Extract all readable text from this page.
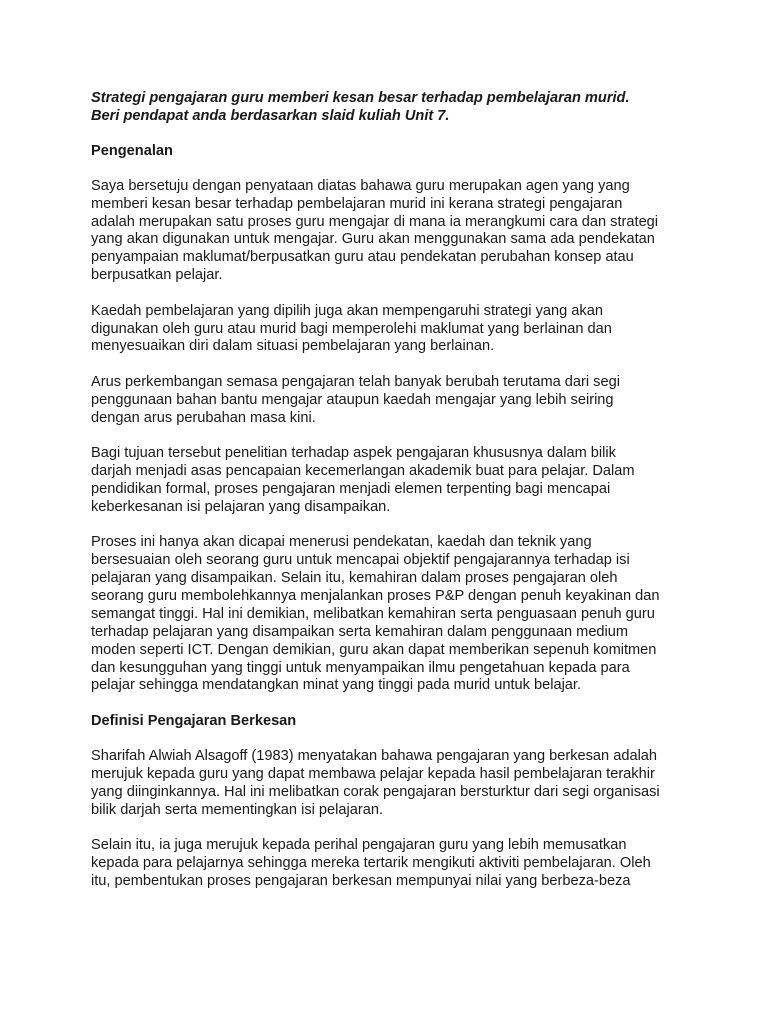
Strategi pengajaran guru memberi kesan besar terhadap pembelajaran murid.
Beri pendapat anda berdasarkan slaid kuliah Unit 7.
Pengenalan
Saya bersetuju dengan penyataan diatas bahawa guru merupakan agen yang yang
memberi kesan besar terhadap pembelajaran murid ini kerana strategi pengajaran
adalah merupakan satu proses guru mengajar di mana ia merangkumi cara dan strategi
yang akan digunakan untuk mengajar. Guru akan menggunakan sama ada pendekatan
penyampaian maklumat/berpusatkan guru atau pendekatan perubahan konsep atau
berpusatkan pelajar.
Kaedah pembelajaran yang dipilih juga akan mempengaruhi strategi yang akan
digunakan oleh guru atau murid bagi memperolehi maklumat yang berlainan dan
menyesuaikan diri dalam situasi pembelajaran yang berlainan.
Arus perkembangan semasa pengajaran telah banyak berubah terutama dari segi
penggunaan bahan bantu mengajar ataupun kaedah mengajar yang lebih seiring
dengan arus perubahan masa kini.
Bagi tujuan tersebut penelitian terhadap aspek pengajaran khususnya dalam bilik
darjah menjadi asas pencapaian kecemerlangan akademik buat para pelajar. Dalam
pendidikan formal, proses pengajaran menjadi elemen terpenting bagi mencapai
keberkesanan isi pelajaran yang disampaikan.
Proses ini hanya akan dicapai menerusi pendekatan, kaedah dan teknik yang
bersesuaian oleh seorang guru untuk mencapai objektif pengajarannya terhadap isi
pelajaran yang disampaikan. Selain itu, kemahiran dalam proses pengajaran oleh
seorang guru membolehkannya menjalankan proses P&P dengan penuh keyakinan dan
semangat tinggi. Hal ini demikian, melibatkan kemahiran serta penguasaan penuh guru
terhadap pelajaran yang disampaikan serta kemahiran dalam penggunaan medium
moden seperti ICT. Dengan demikian, guru akan dapat memberikan sepenuh komitmen
dan kesungguhan yang tinggi untuk menyampaikan ilmu pengetahuan kepada para
pelajar sehingga mendatangkan minat yang tinggi pada murid untuk belajar.
Definisi Pengajaran Berkesan
Sharifah Alwiah Alsagoff (1983) menyatakan bahawa pengajaran yang berkesan adalah
merujuk kepada guru yang dapat membawa pelajar kepada hasil pembelajaran terakhir
yang diinginkannya. Hal ini melibatkan corak pengajaran bersturktur dari segi organisasi
bilik darjah serta mementingkan isi pelajaran.
Selain itu, ia juga merujuk kepada perihal pengajaran guru yang lebih memusatkan
kepada para pelajarnya sehingga mereka tertarik mengikuti aktiviti pembelajaran. Oleh
itu, pembentukan proses pengajaran berkesan mempunyai nilai yang berbeza-beza
